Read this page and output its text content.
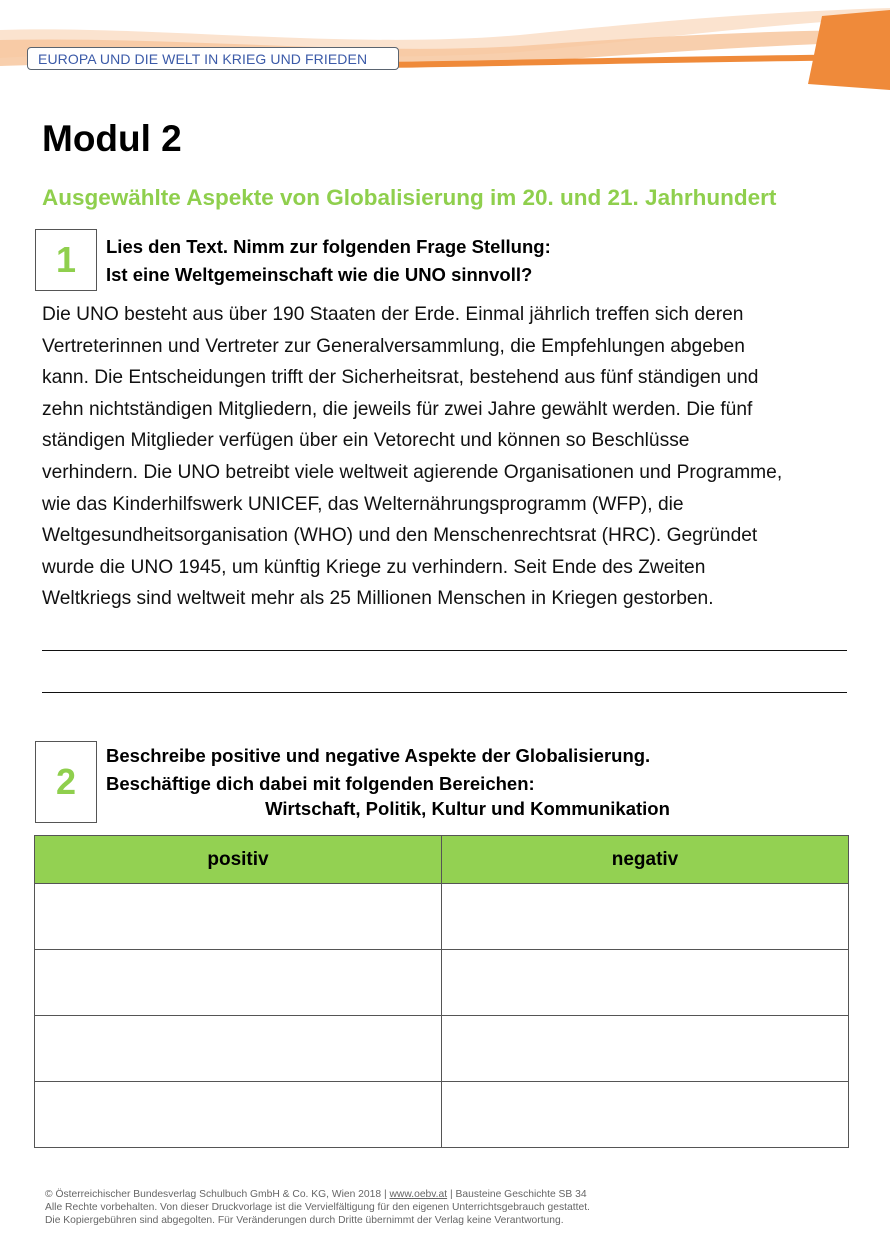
EUROPA UND DIE WELT IN KRIEG UND FRIEDEN
Modul 2
Ausgewählte Aspekte von Globalisierung im 20. und 21. Jahrhundert
1	Lies den Text. Nimm zur folgenden Frage Stellung:
Ist eine Weltgemeinschaft wie die UNO sinnvoll?
Die UNO besteht aus über 190 Staaten der Erde. Einmal jährlich treffen sich deren
Vertreterinnen und Vertreter zur Generalversammlung, die Empfehlungen abgeben
kann. Die Entscheidungen trifft der Sicherheitsrat, bestehend aus fünf ständigen und
zehn nichtständigen Mitgliedern, die jeweils für zwei Jahre gewählt werden. Die fünf
ständigen Mitglieder verfügen über ein Vetorecht und können so Beschlüsse
verhindern. Die UNO betreibt viele weltweit agierende Organisationen und Programme,
wie das Kinderhilfswerk UNICEF, das Welternährungsprogramm (WFP), die
Weltgesundheitsorganisation (WHO) und den Menschenrechtsrat (HRC). Gegründet
wurde die UNO 1945, um künftig Kriege zu verhindern. Seit Ende des Zweiten
Weltkriegs sind weltweit mehr als 25 Millionen Menschen in Kriegen gestorben.
2
Beschreibe positive und negative Aspekte der Globalisierung.
Beschäftige dich dabei mit folgenden Bereichen:
Wirtschaft, Politik, Kultur und Kommunikation
positiv	negativ

© Österreichischer Bundesverlag Schulbuch GmbH & Co. KG, Wien 2018 | www.oebv.at | Bausteine Geschichte SB 34
Alle Rechte vorbehalten. Von dieser Druckvorlage ist die Vervielfältigung für den eigenen Unterrichtsgebrauch gestattet.
Die Kopiergebühren sind abgegolten. Für Veränderungen durch Dritte übernimmt der Verlag keine Verantwortung.
